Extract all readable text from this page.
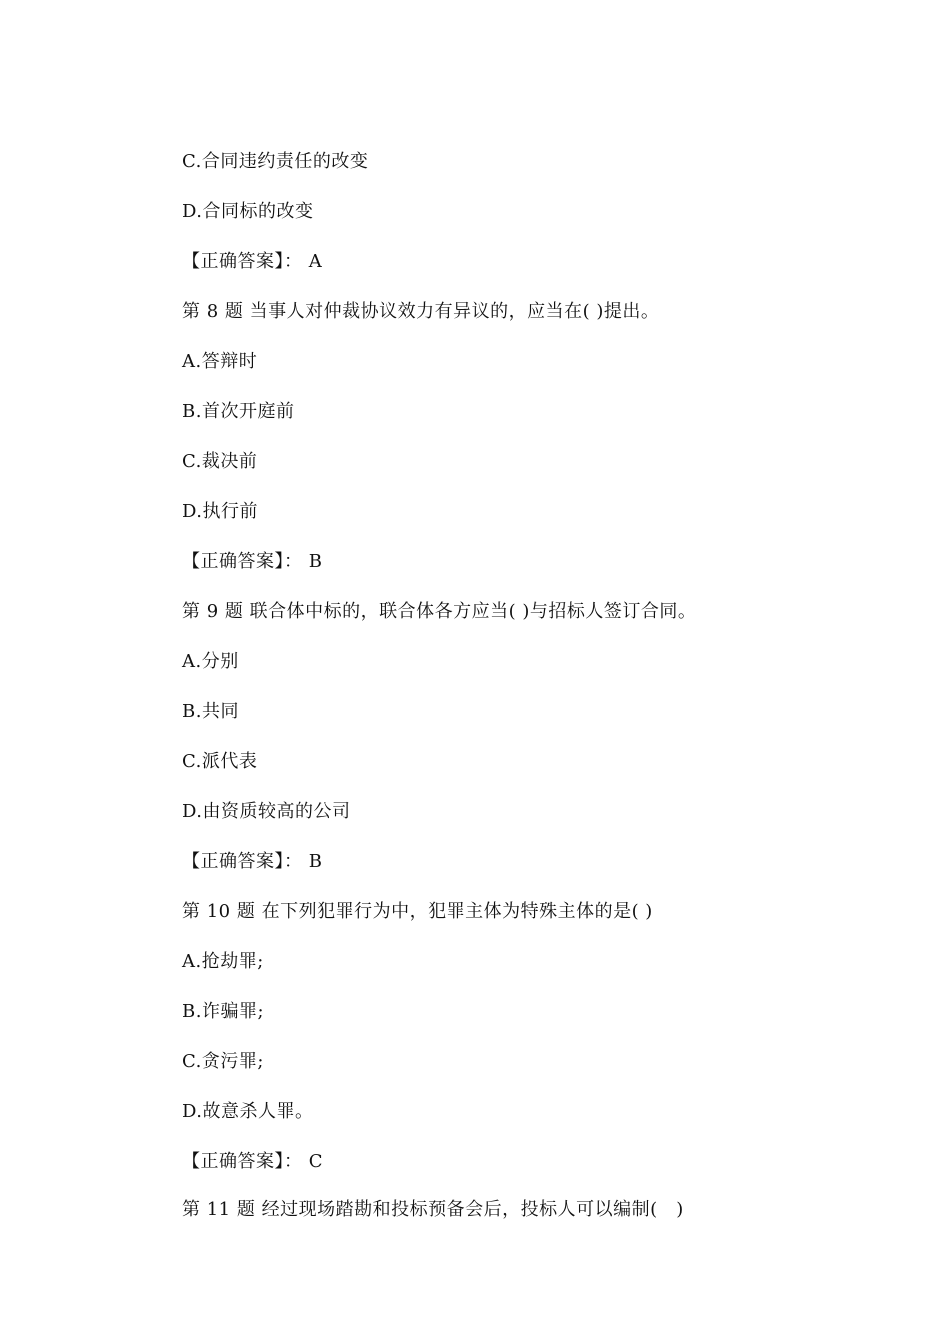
C.合同违约责任的改变
D.合同标的改变
【正确答案】： A
第 8 题 当事人对仲裁协议效力有异议的，应当在( )提出。
A.答辩时
B.首次开庭前
C.裁决前
D.执行前
【正确答案】： B
第 9 题 联合体中标的，联合体各方应当( )与招标人签订合同。
A.分别
B.共同
C.派代表
D.由资质较高的公司
【正确答案】： B
第 10 题 在下列犯罪行为中，犯罪主体为特殊主体的是( )
A.抢劫罪;
B.诈骗罪;
C.贪污罪;
D.故意杀人罪。
【正确答案】： C
第 11 题 经过现场踏勘和投标预备会后，投标人可以编制(   )
